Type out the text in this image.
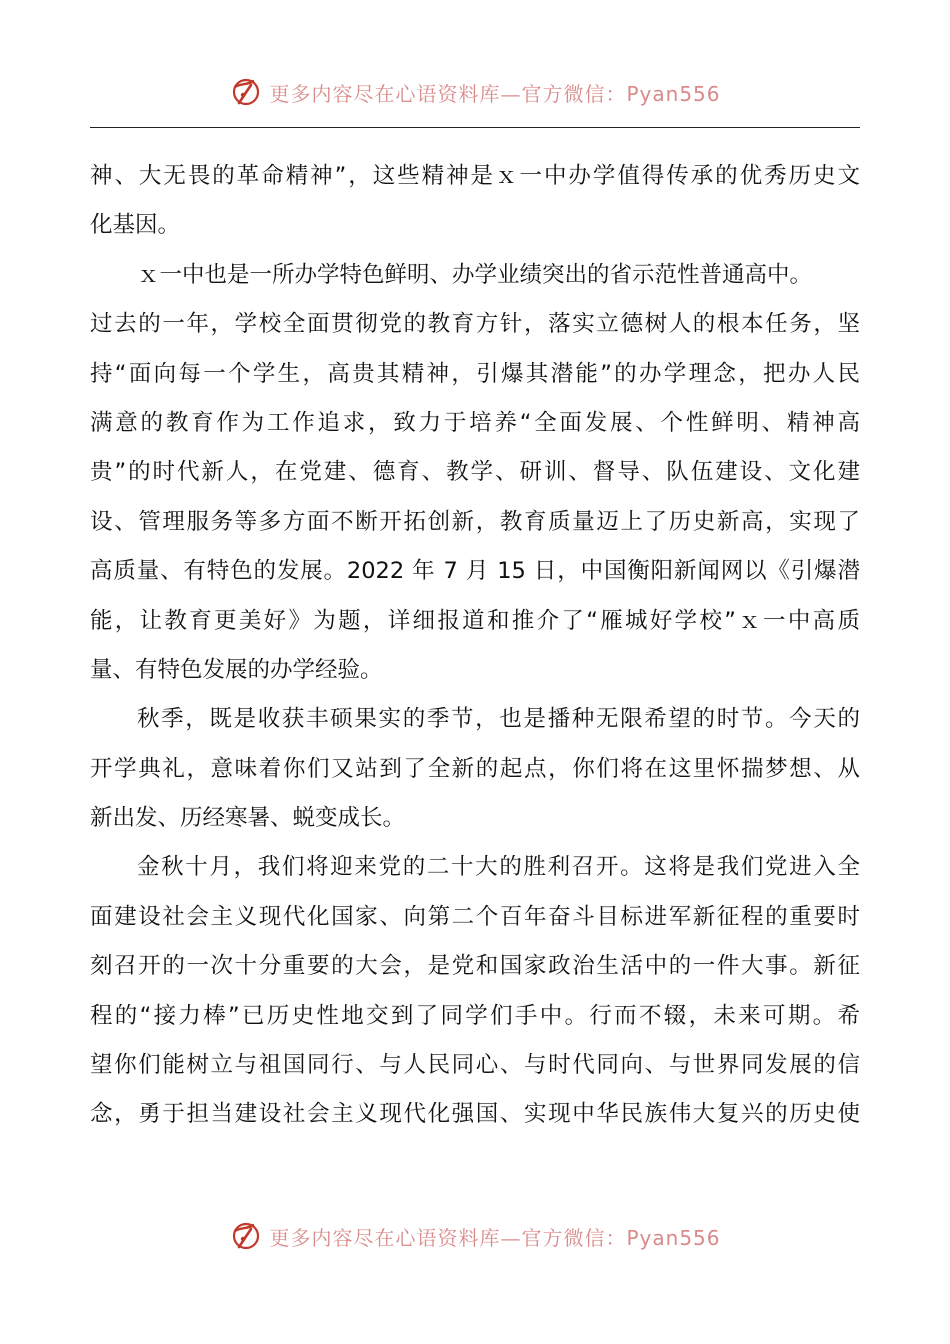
更多内容尽在心语资料库—官方微信：Pyan556
神、大无畏的革命精神”，这些精神是ｘ一中办学值得传承的优秀历史文
化基因。
ｘ一中也是一所办学特色鲜明、办学业绩突出的省示范性普通高中。
过去的一年，学校全面贯彻党的教育方针，落实立德树人的根本任务，坚
持“面向每一个学生，高贵其精神，引爆其潜能”的办学理念，把办人民
满意的教育作为工作追求，致力于培养“全面发展、个性鲜明、精神高
贵”的时代新人，在党建、德育、教学、研训、督导、队伍建设、文化建
设、管理服务等多方面不断开拓创新，教育质量迈上了历史新高，实现了
高质量、有特色的发展。2022 年 7 月 15 日，中国衡阳新闻网以《引爆潜
能，让教育更美好》为题，详细报道和推介了“雁城好学校”ｘ一中高质
量、有特色发展的办学经验。
秋季，既是收获丰硕果实的季节，也是播种无限希望的时节。今天的
开学典礼，意味着你们又站到了全新的起点，你们将在这里怀揣梦想、从
新出发、历经寒暑、蜕变成长。
金秋十月，我们将迎来党的二十大的胜利召开。这将是我们党进入全
面建设社会主义现代化国家、向第二个百年奋斗目标进军新征程的重要时
刻召开的一次十分重要的大会，是党和国家政治生活中的一件大事。新征
程的“接力棒”已历史性地交到了同学们手中。行而不辍，未来可期。希
望你们能树立与祖国同行、与人民同心、与时代同向、与世界同发展的信
念，勇于担当建设社会主义现代化强国、实现中华民族伟大复兴的历史使
更多内容尽在心语资料库—官方微信：Pyan556
